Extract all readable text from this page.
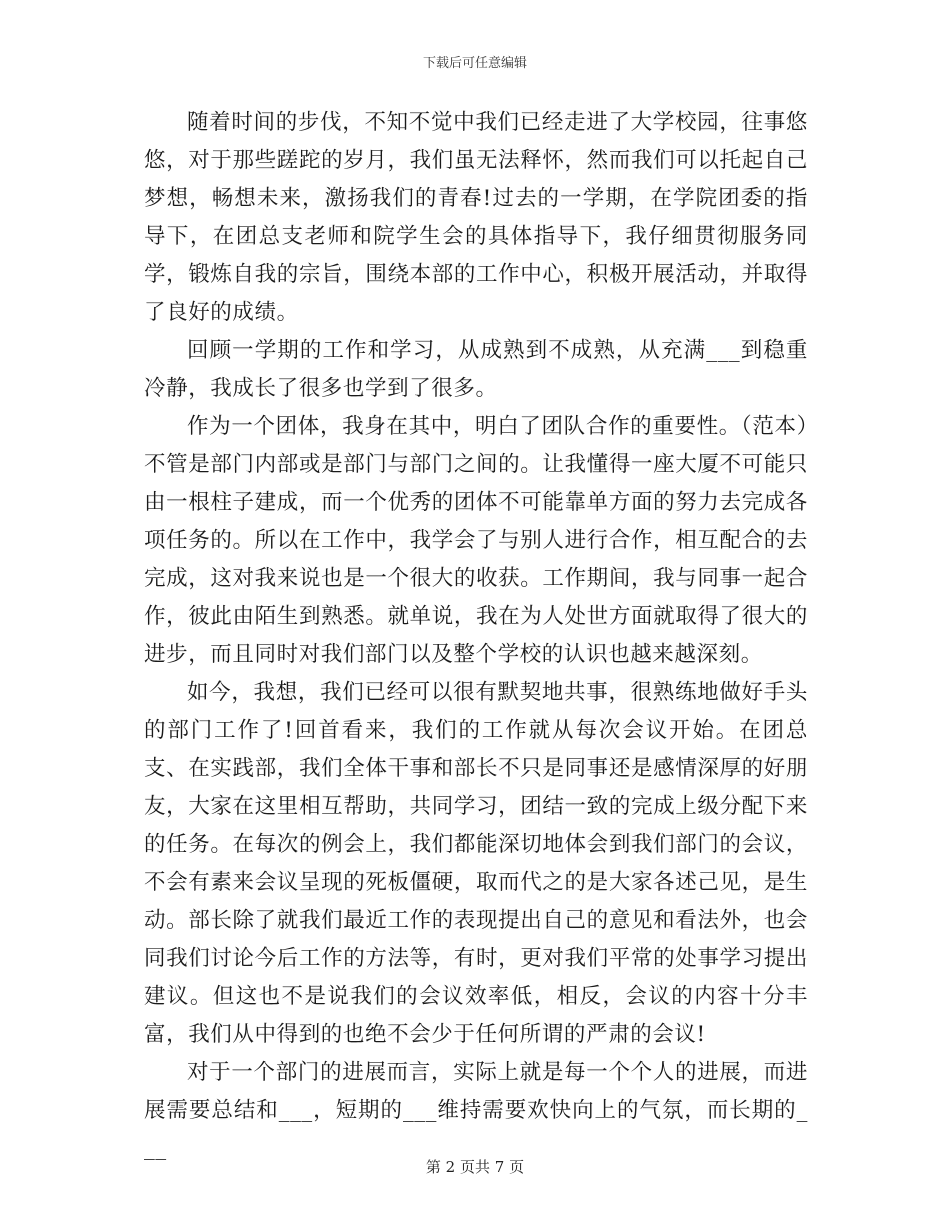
下载后可任意编辑

随着时间的步伐，不知不觉中我们已经走进了大学校园，往事悠悠，对于那些蹉跎的岁月，我们虽无法释怀，然而我们可以托起自己梦想，畅想未来，激扬我们的青春!过去的一学期，在学院团委的指导下，在团总支老师和院学生会的具体指导下，我仔细贯彻服务同学，锻炼自我的宗旨，围绕本部的工作中心，积极开展活动，并取得了良好的成绩。

回顾一学期的工作和学习，从成熟到不成熟，从充满___到稳重冷静，我成长了很多也学到了很多。

作为一个团体，我身在其中，明白了团队合作的重要性。（范本）不管是部门内部或是部门与部门之间的。让我懂得一座大厦不可能只由一根柱子建成，而一个优秀的团体不可能靠单方面的努力去完成各项任务的。所以在工作中，我学会了与别人进行合作，相互配合的去完成，这对我来说也是一个很大的收获。工作期间，我与同事一起合作，彼此由陌生到熟悉。就单说，我在为人处世方面就取得了很大的进步，而且同时对我们部门以及整个学校的认识也越来越深刻。

如今，我想，我们已经可以很有默契地共事，很熟练地做好手头的部门工作了!回首看来，我们的工作就从每次会议开始。在团总支、在实践部，我们全体干事和部长不只是同事还是感情深厚的好朋友，大家在这里相互帮助，共同学习，团结一致的完成上级分配下来的任务。在每次的例会上，我们都能深切地体会到我们部门的会议，不会有素来会议呈现的死板僵硬，取而代之的是大家各述己见，是生动。部长除了就我们最近工作的表现提出自己的意见和看法外，也会同我们讨论今后工作的方法等，有时，更对我们平常的处事学习提出建议。但这也不是说我们的会议效率低，相反，会议的内容十分丰富，我们从中得到的也绝不会少于任何所谓的严肃的会议!

对于一个部门的进展而言，实际上就是每一个个人的进展，而进展需要总结和___，短期的___维持需要欢快向上的气氛，而长期的___

第 2 页共 7 页
